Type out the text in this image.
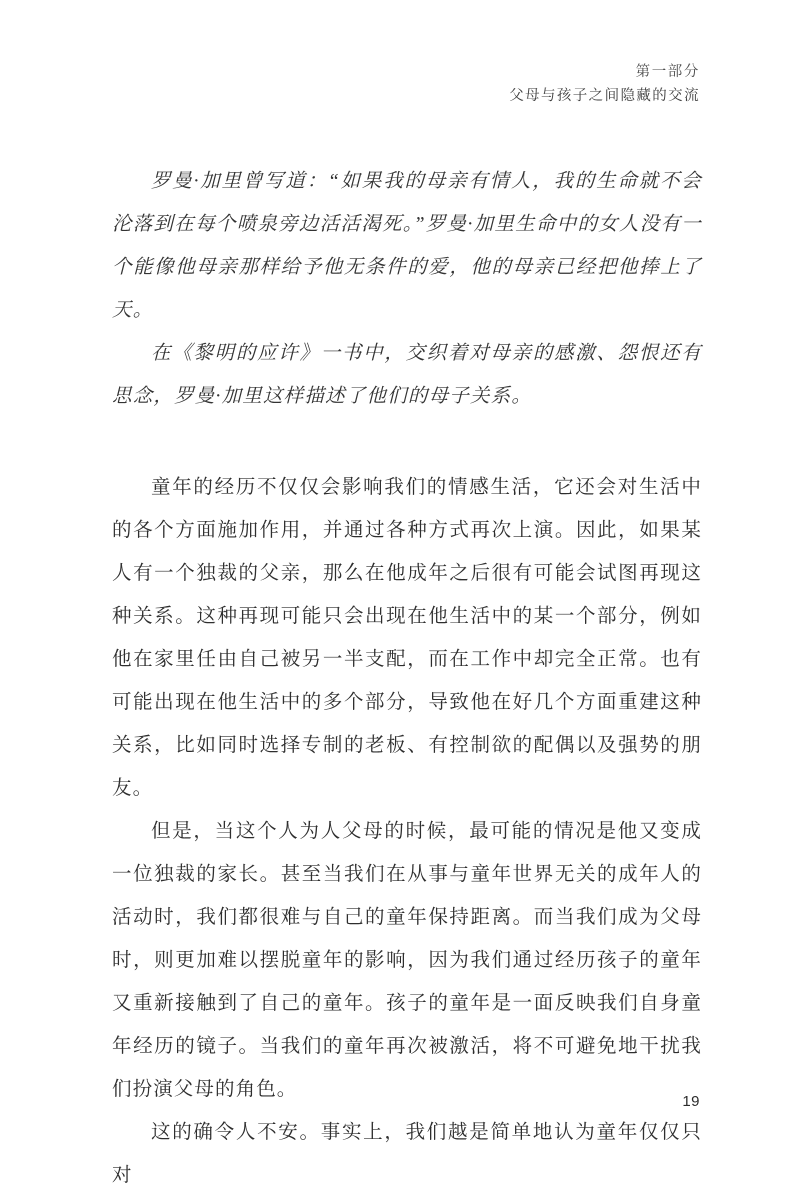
第一部分
父母与孩子之间隐藏的交流

罗曼·加里曾写道：“如果我的母亲有情人，我的生命就不会沦落到在每个喷泉旁边活活渴死。”罗曼·加里生命中的女人没有一个能像他母亲那样给予他无条件的爱，他的母亲已经把他捧上了天。

在《黎明的应许》一书中，交织着对母亲的感激、怨恨还有思念，罗曼·加里这样描述了他们的母子关系。

童年的经历不仅仅会影响我们的情感生活，它还会对生活中的各个方面施加作用，并通过各种方式再次上演。因此，如果某人有一个独裁的父亲，那么在他成年之后很有可能会试图再现这种关系。这种再现可能只会出现在他生活中的某一个部分，例如他在家里任由自己被另一半支配，而在工作中却完全正常。也有可能出现在他生活中的多个部分，导致他在好几个方面重建这种关系，比如同时选择专制的老板、有控制欲的配偶以及强势的朋友。

但是，当这个人为人父母的时候，最可能的情况是他又变成一位独裁的家长。甚至当我们在从事与童年世界无关的成年人的活动时，我们都很难与自己的童年保持距离。而当我们成为父母时，则更加难以摆脱童年的影响，因为我们通过经历孩子的童年又重新接触到了自己的童年。孩子的童年是一面反映我们自身童年经历的镜子。当我们的童年再次被激活，将不可避免地干扰我们扮演父母的角色。

这的确令人不安。事实上，我们越是简单地认为童年仅仅只对

19
